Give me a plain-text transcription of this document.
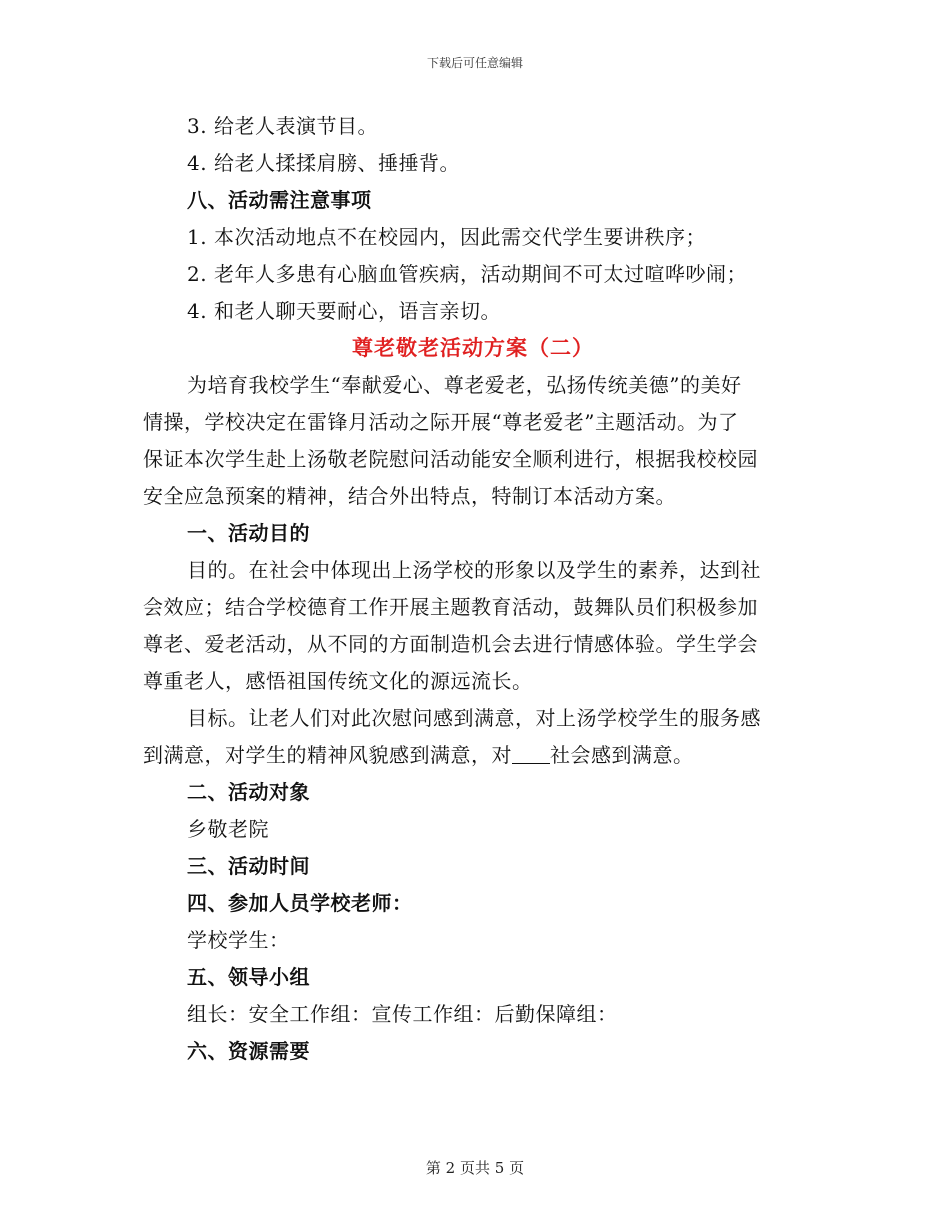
下载后可任意编辑
3. 给老人表演节目。
4. 给老人揉揉肩膀、捶捶背。
八、活动需注意事项
1. 本次活动地点不在校园内，因此需交代学生要讲秩序；
2. 老年人多患有心脑血管疾病，活动期间不可太过喧哗吵闹；
4. 和老人聊天要耐心，语言亲切。
尊老敬老活动方案（二）
为培育我校学生“奉献爱心、尊老爱老，弘扬传统美德”的美好
情操，学校决定在雷锋月活动之际开展“尊老爱老”主题活动。为了
保证本次学生赴上汤敬老院慰问活动能安全顺利进行，根据我校校园
安全应急预案的精神，结合外出特点，特制订本活动方案。
一、活动目的
目的。在社会中体现出上汤学校的形象以及学生的素养，达到社
会效应；结合学校德育工作开展主题教育活动，鼓舞队员们积极参加
尊老、爱老活动，从不同的方面制造机会去进行情感体验。学生学会
尊重老人，感悟祖国传统文化的源远流长。
目标。让老人们对此次慰问感到满意，对上汤学校学生的服务感
到满意，对学生的精神风貌感到满意，对 社会感到满意。
二、活动对象
乡敬老院
三、活动时间
四、参加人员学校老师：
学校学生：
五、领导小组
组长：安全工作组：宣传工作组：后勤保障组：
六、资源需要
第 2 页共 5 页
